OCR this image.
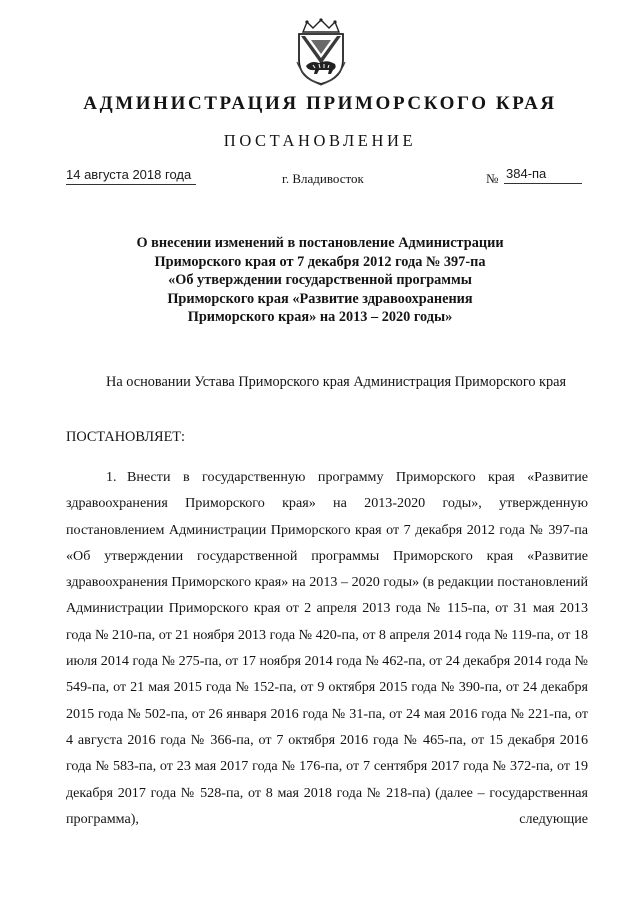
АДМИНИСТРАЦИЯ ПРИМОРСКОГО КРАЯ
ПОСТАНОВЛЕНИЕ
14 августа 2018 года	г. Владивосток	№ 384-па
О внесении изменений в постановление Администрации
Приморского края от 7 декабря 2012 года № 397-па
«Об утверждении государственной программы
Приморского края «Развитие здравоохранения
Приморского края» на 2013 – 2020 годы»
На основании Устава Приморского края Администрация Приморского края
ПОСТАНОВЛЯЕТ:
1. Внести в государственную программу Приморского края «Развитие здравоохранения Приморского края» на 2013-2020 годы», утвержденную постановлением Администрации Приморского края от 7 декабря 2012 года № 397-па «Об утверждении государственной программы Приморского края «Развитие здравоохранения Приморского края» на 2013 – 2020 годы» (в редакции постановлений Администрации Приморского края от 2 апреля 2013 года № 115-па, от 31 мая 2013 года № 210-па, от 21 ноября 2013 года № 420-па, от 8 апреля 2014 года № 119-па, от 18 июля 2014 года № 275-па, от 17 ноября 2014 года № 462-па, от 24 декабря 2014 года № 549-па, от 21 мая 2015 года № 152-па, от 9 октября 2015 года № 390-па, от 24 декабря 2015 года № 502-па, от 26 января 2016 года № 31-па, от 24 мая 2016 года № 221-па, от 4 августа 2016 года № 366-па, от 7 октября 2016 года № 465-па, от 15 декабря 2016 года № 583-па, от 23 мая 2017 года № 176-па, от 7 сентября 2017 года № 372-па, от 19 декабря 2017 года № 528-па, от 8 мая 2018 года № 218-па) (далее – государственная программа), следующие
